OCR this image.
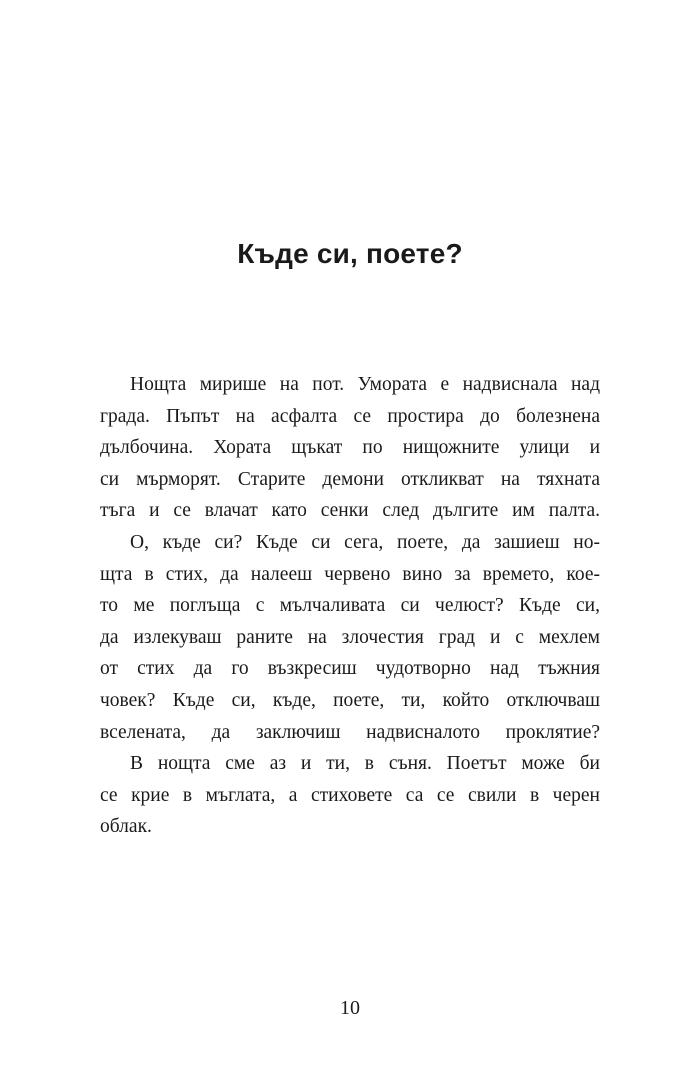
Къде си, поете?
Нощта мирише на пот. Умората е надвиснала над
града. Пъпът на асфалта се простира до болезнена
дълбочина. Хората щъкат по нищожните улици и
си мърморят. Старите демони откликват на тяхната
тъга и се влачат като сенки след дългите им палта.
О, къде си? Къде си сега, поете, да зашиеш но-
щта в стих, да налееш червено вино за времето, кое-
то ме поглъща с мълчаливата си челюст? Къде си,
да излекуваш раните на злочестия град и с мехлем
от стих да го възкресиш чудотворно над тъжния
човек? Къде си, къде, поете, ти, който отключваш
вселената, да заключиш надвисналото проклятие?
В нощта сме аз и ти, в съня. Поетът може би
се крие в мъглата, а стиховете са се свили в черен
облак.
10
